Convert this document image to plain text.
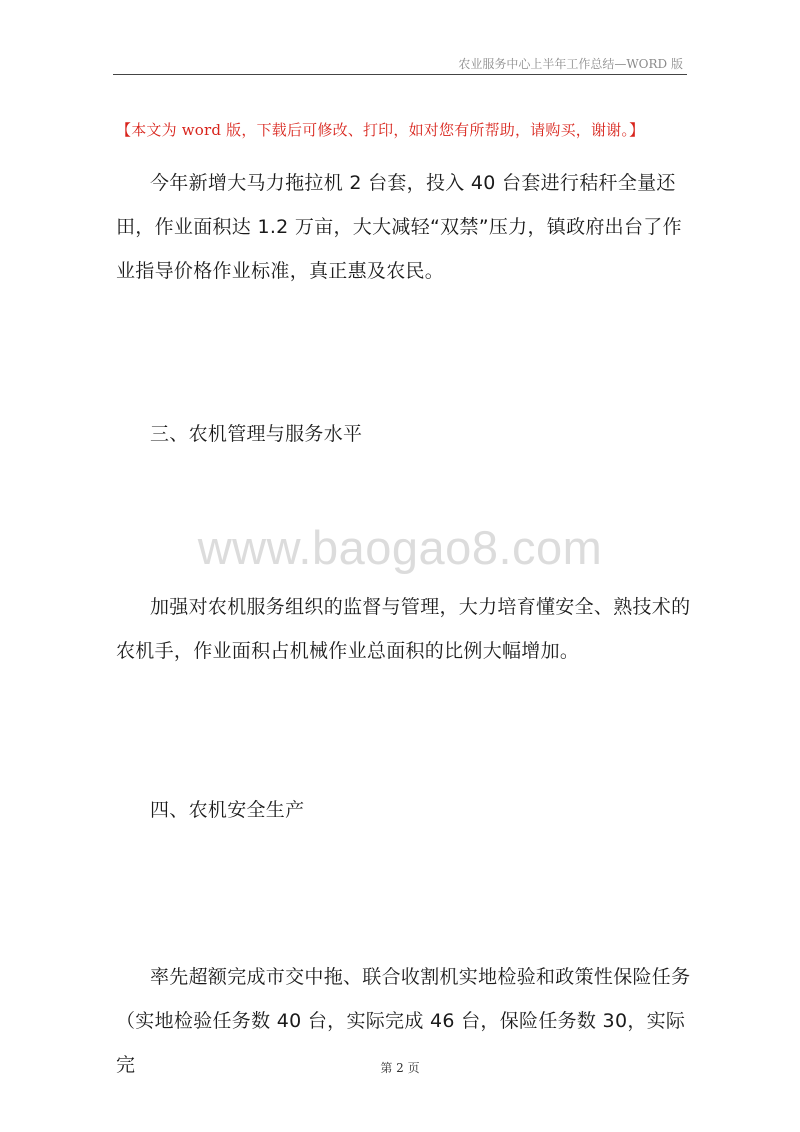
农业服务中心上半年工作总结—WORD 版
【本文为 word 版，下载后可修改、打印，如对您有所帮助，请购买，谢谢。】

今年新增大马力拖拉机 2 台套，投入 40 台套进行秸秆全量还田，作业面积达 1.2 万亩，大大减轻“双禁”压力，镇政府出台了作业指导价格作业标准，真正惠及农民。

三、农机管理与服务水平
www.baogao8.com

加强对农机服务组织的监督与管理，大力培育懂安全、熟技术的农机手，作业面积占机械作业总面积的比例大幅增加。

四、农机安全生产

率先超额完成市交中拖、联合收割机实地检验和政策性保险任务（实地检验任务数 40 台，实际完成 46 台，保险任务数 30，实际完	第 2 页
